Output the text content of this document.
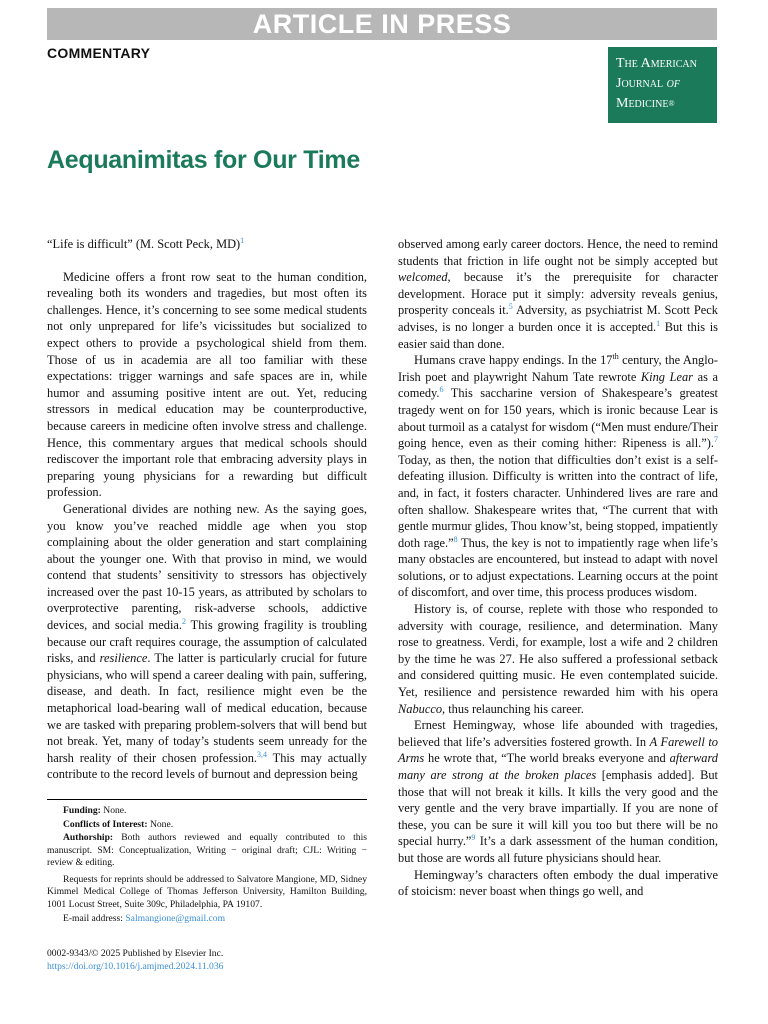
ARTICLE IN PRESS
COMMENTARY
The American
Journal of
Medicine®
Aequanimitas for Our Time

“Life is difficult” (M. Scott Peck, MD)$^1$

Medicine offers a front row seat to the human condition, revealing both its wonders and tragedies, but most often its challenges. Hence, it’s concerning to see some medical students not only unprepared for life’s vicissitudes but socialized to expect others to provide a psychological shield from them. Those of us in academia are all too familiar with these expectations: trigger warnings and safe spaces are in, while humor and assuming positive intent are out. Yet, reducing stressors in medical education may be counterproductive, because careers in medicine often involve stress and challenge. Hence, this commentary argues that medical schools should rediscover the important role that embracing adversity plays in preparing young physicians for a rewarding but difficult profession.

Generational divides are nothing new. As the saying goes, you know you’ve reached middle age when you stop complaining about the older generation and start complaining about the younger one. With that proviso in mind, we would contend that students’ sensitivity to stressors has objectively increased over the past 10-15 years, as attributed by scholars to overprotective parenting, risk-adverse schools, addictive devices, and social media.$^2$ This growing fragility is troubling because our craft requires courage, the assumption of calculated risks, and resilience. The latter is particularly crucial for future physicians, who will spend a career dealing with pain, suffering, disease, and death. In fact, resilience might even be the metaphorical load-bearing wall of medical education, because we are tasked with preparing problem-solvers that will bend but not break. Yet, many of today’s students seem unready for the harsh reality of their chosen profession.$^{3,4}$ This may actually contribute to the record levels of burnout and depression being

observed among early career doctors. Hence, the need to remind students that friction in life ought not be simply accepted but welcomed, because it’s the prerequisite for character development. Horace put it simply: adversity reveals genius, prosperity conceals it.$^5$ Adversity, as psychiatrist M. Scott Peck advises, is no longer a burden once it is accepted.$^1$ But this is easier said than done.

Humans crave happy endings. In the 17th century, the Anglo-Irish poet and playwright Nahum Tate rewrote King Lear as a comedy.$^6$ This saccharine version of Shakespeare’s greatest tragedy went on for 150 years, which is ironic because Lear is about turmoil as a catalyst for wisdom (“Men must endure/Their going hence, even as their coming hither: Ripeness is all.”).$^7$ Today, as then, the notion that difficulties don’t exist is a self-defeating illusion. Difficulty is written into the contract of life, and, in fact, it fosters character. Unhindered lives are rare and often shallow. Shakespeare writes that, “The current that with gentle murmur glides, Thou know’st, being stopped, impatiently doth rage.”$^8$ Thus, the key is not to impatiently rage when life’s many obstacles are encountered, but instead to adapt with novel solutions, or to adjust expectations. Learning occurs at the point of discomfort, and over time, this process produces wisdom.

History is, of course, replete with those who responded to adversity with courage, resilience, and determination. Many rose to greatness. Verdi, for example, lost a wife and 2 children by the time he was 27. He also suffered a professional setback and considered quitting music. He even contemplated suicide. Yet, resilience and persistence rewarded him with his opera Nabucco, thus relaunching his career.

Ernest Hemingway, whose life abounded with tragedies, believed that life’s adversities fostered growth. In A Farewell to Arms he wrote that, “The world breaks everyone and afterward many are strong at the broken places [emphasis added]. But those that will not break it kills. It kills the very good and the very gentle and the very brave impartially. If you are none of these, you can be sure it will kill you too but there will be no special hurry.”$^9$ It’s a dark assessment of the human condition, but those are words all future physicians should hear.

Hemingway’s characters often embody the dual imperative of stoicism: never boast when things go well, and

Funding: None.

Conflicts of Interest: None.

Authorship: Both authors reviewed and equally contributed to this manuscript. SM: Conceptualization, Writing − original draft; CJL: Writing − review & editing.

Requests for reprints should be addressed to Salvatore Mangione, MD, Sidney Kimmel Medical College of Thomas Jefferson University, Hamilton Building, 1001 Locust Street, Suite 309c, Philadelphia, PA 19107.

E-mail address: Salmangione@gmail.com

0002-9343/© 2025 Published by Elsevier Inc.
https://doi.org/10.1016/j.amjmed.2024.11.036
